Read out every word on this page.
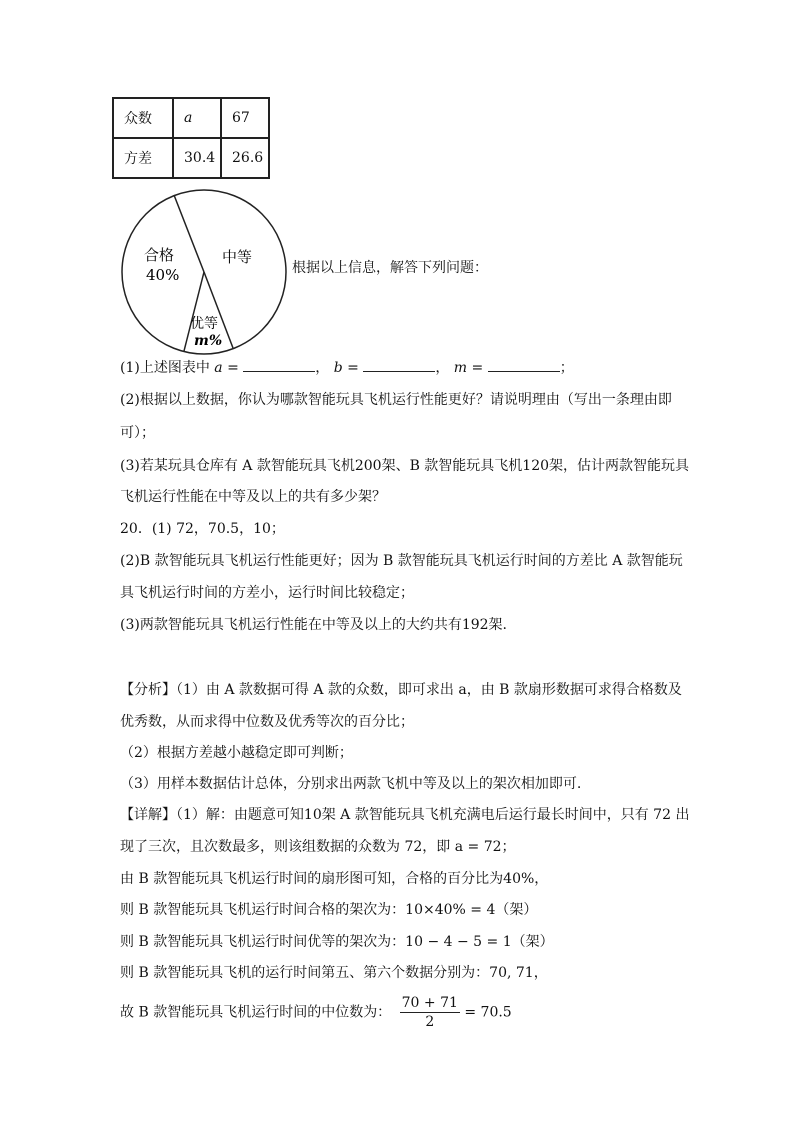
众数	a	67
方差	30.4	26.6
合格
40%
中等
优等
m%
根据以上信息，解答下列问题：
(1)上述图表中 a =	， b =	， m =	；
(2)根据以上数据，你认为哪款智能玩具飞机运行性能更好？请说明理由（写出一条理由即
可）；
(3)若某玩具仓库有 A 款智能玩具飞机200架、B 款智能玩具飞机120架，估计两款智能玩具
飞机运行性能在中等及以上的共有多少架？
20．(1) 72，70.5，10；
(2)B 款智能玩具飞机运行性能更好；因为 B 款智能玩具飞机运行时间的方差比 A 款智能玩
具飞机运行时间的方差小，运行时间比较稳定；
(3)两款智能玩具飞机运行性能在中等及以上的大约共有192架.
【分析】（1）由 A 款数据可得 A 款的众数，即可求出 a，由 B 款扇形数据可求得合格数及
优秀数，从而求得中位数及优秀等次的百分比；
（2）根据方差越小越稳定即可判断；
（3）用样本数据估计总体，分别求出两款飞机中等及以上的架次相加即可.
【详解】（1）解：由题意可知10架 A 款智能玩具飞机充满电后运行最长时间中，只有 72 出
现了三次，且次数最多，则该组数据的众数为 72，即 a = 72；
由 B 款智能玩具飞机运行时间的扇形图可知，合格的百分比为40%，
则 B 款智能玩具飞机运行时间合格的架次为：10×40% = 4（架）
则 B 款智能玩具飞机运行时间优等的架次为：10 − 4 − 5 = 1（架）
则 B 款智能玩具飞机的运行时间第五、第六个数据分别为：70, 71，
故 B 款智能玩具飞机运行时间的中位数为： $\frac{70 + 71}{2} = 70.5$
